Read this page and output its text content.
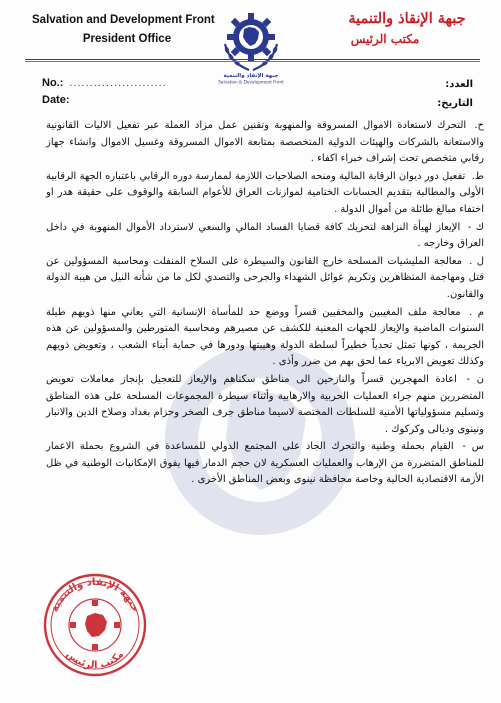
Salvation and Development Front
President Office
جبهة الإنقاذ والتنمية
Salvation & Development Front
جبهة الإنقاذ والتنمية
مكتب الرئيس
No.: ........................
Date:
العدد:
التاريخ:

ح. التحرك لاستعادة الاموال المسروقة والمنهوبة وتقنين عمل مزاد العملة عبر تفعيل الاليات القانونية والاستعانة بالشركات والهيئات الدولية المتخصصة بمتابعة الاموال المسروقة وغسيل الاموال وانشاء جهاز رقابي متخصص تحت إشراف خبراء اكفاء .

ط. تفعيل دور ديوان الرقابة المالية ومنحه الصلاحيات اللازمة لممارسة دوره الرقابي باعتباره الجهة الرقابية الأولى والمطالبة بتقديم الحسابات الختامية لموازنات العراق للأعوام السابقة والوقوف على حقيقة هدر او اختفاء مبالغ طائلة من أموال الدولة .

ك - الإيعاز لهيأة النزاهة لتحريك كافة قضايا الفساد المالي والسعي لاسترداد الأموال المنهوبة في داخل العراق وخارجه .

ل . معالجة المليشيات المسلحة خارج القانون والسيطرة على السلاح المنفلت ومحاسبة المسؤولين عن قتل ومهاجمة المتظاهرين وتكريم عوائل الشهداء والجرحى والتصدي لكل ما من شأنه النيل من هيبة الدولة والقانون.

م . معالجة ملف المغيبين والمخفيين قسراً ووضع حد للمأساة الإنسانية التي يعاني منها ذويهم طيلة السنوات الماضية والإيعاز للجهات المعنية للكشف عن مصيرهم ومحاسبة المتورطين والمسؤولين عن هذه الجريمة ، كونها تمثل تحدياً خطيراً لسلطة الدولة وهيبتها ودورها في حماية أبناء الشعب ، وتعويض ذويهم وكذلك تعويض الابرياء عما لحق بهم من ضرر وأذى .

ن - اعادة المهجرين قسراً والنازحين الى مناطق سكناهم والإيعاز للتعجيل بإنجاز معاملات تعويض المتضررين منهم جراء العمليات الحربية والارهابية وأثناء سيطرة المجموعات المسلحة على هذه المناطق وتسليم مسؤولياتها الأمنية للسلطات المختصة لاسيما مناطق جرف الصخر وحزام بغداد وصلاح الدين والانبار ونينوى وديالى وكركوك .

س - القيام بحملة وطنية والتحرك الجاد على المجتمع الدولي للمساعدة في الشروع بحملة الاعمار للمناطق المتضررة من الإرهاب والعمليات العسكرية لان حجم الدمار فيها يفوق الإمكانيات الوطنية في ظل الأزمة الاقتصادية الحالية وخاصة محافظة نينوى وبعض المناطق الأخرى .

جبهة الإنقاذ والتنمية
مكتب الرئيس
